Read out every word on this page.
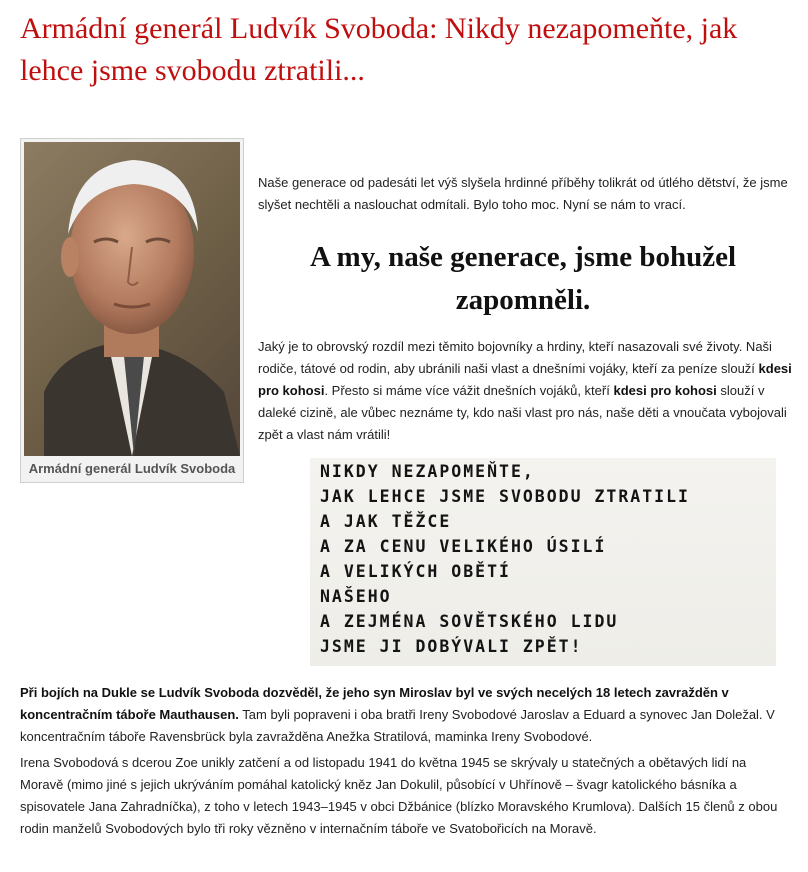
Armádní generál Ludvík Svoboda: Nikdy nezapomeňte, jak lehce jsme svobodu ztratili...
Armádní generál Ludvík Svoboda

Naše generace od padesáti let výš slyšela hrdinné příběhy tolikrát od útlého dětství, že jsme slyšet nechtěli a naslouchat odmítali. Bylo toho moc. Nyní se nám to vrací.

A my, naše generace, jsme bohužel zapomněli.

Jaký je to obrovský rozdíl mezi těmito bojovníky a hrdiny, kteří nasazovali své životy. Naši rodiče, tátové od rodin, aby ubránili naši vlast a dnešními vojáky, kteří za peníze slouží kdesi pro kohosi. Přesto si máme více vážit dnešních vojáků, kteří kdesi pro kohosi slouží v daleké cizině, ale vůbec neznáme ty, kdo naši vlast pro nás, naše děti a vnoučata vybojovali zpět a vlast nám vrátili!

NIKDY NEZAPOMEŇTE,

JAK LEHCE JSME SVOBODU ZTRATILI

A JAK TĚŽCE

A ZA CENU VELIKÉHO ÚSILÍ

A VELIKÝCH OBĚTÍ

NAŠEHO

A ZEJMÉNA SOVĚTSKÉHO LIDU

JSME JI DOBÝVALI ZPĚT!

Při bojích na Dukle se Ludvík Svoboda dozvěděl, že jeho syn Miroslav byl ve svých necelých 18 letech zavražděn v koncentračním táboře Mauthausen. Tam byli popraveni i oba bratři Ireny Svobodové Jaroslav a Eduard a synovec Jan Doležal. V koncentračním táboře Ravensbrück byla zavražděna Anežka Stratilová, maminka Ireny Svobodové.

Irena Svobodová s dcerou Zoe unikly zatčení a od listopadu 1941 do května 1945 se skrývaly u statečných a obětavých lidí na Moravě (mimo jiné s jejich ukrýváním pomáhal katolický kněz Jan Dokulil, působící v Uhřínově – švagr katolického básníka a spisovatele Jana Zahradníčka), z toho v letech 1943–1945 v obci Džbánice (blízko Moravského Krumlova). Dalších 15 členů z obou rodin manželů Svobodových bylo tři roky vězněno v internačním táboře ve Svatobořicích na Moravě.
